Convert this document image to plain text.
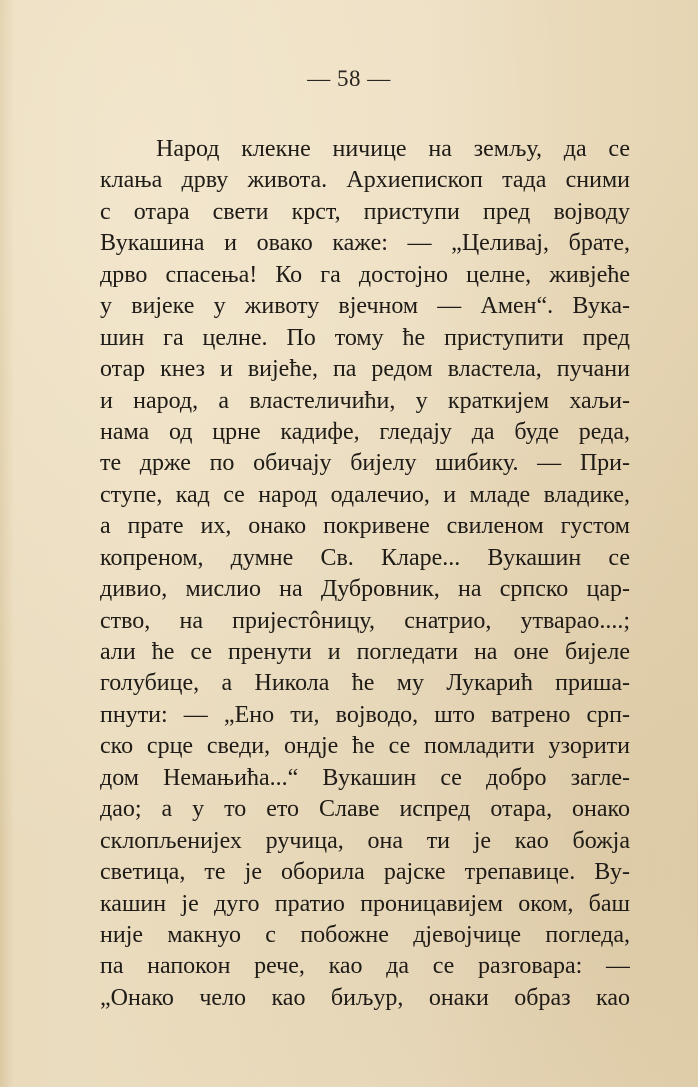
— 58 —
Народ клекне ничице на земљу, да се
клања дрву живота. Архиепископ тада сними
с отара свети крст, приступи пред војводу
Вукашина и овако каже: — „Целивај, брате,
дрво спасења! Ко га достојно целне, живјеће
у вијеке у животу вјечном — Амен“. Вука-
шин га целне. По тому ће приступити пред
отар кнез и вијеће, па редом властела, пучани
и народ, а властеличићи, у краткијем хаљи-
нама од црне кадифе, гледају да буде реда,
те држе по обичају бијелу шибику. — При-
ступе, кад се народ одалечио, и младе владике,
а прате их, онако покривене свиленом густом
копреном, думне Св. Кларе... Вукашин се
дивио, мислио на Дубровник, на српско цар-
ство, на пријестôницу, снатрио, утварао....;
али ће се пренути и погледати на оне бијеле
голубице, а Никола ће му Лукарић приша-
пнути: — „Ено ти, војводо, што ватрено срп-
ско срце сведи, ондје ће се помладити узорити
дом Немањића...“ Вукашин се добро загле-
дао; а у то ето Славе испред отара, онако
склопљенијех ручица, она ти је као божја
светица, те је оборила рајске трепавице. Ву-
кашин је дуго пратио проницавијем оком, баш
није макнуо с побожне дјевојчице погледа,
па напокон рече, као да се разговара: —
„Онако чело као биљур, онаки образ као
